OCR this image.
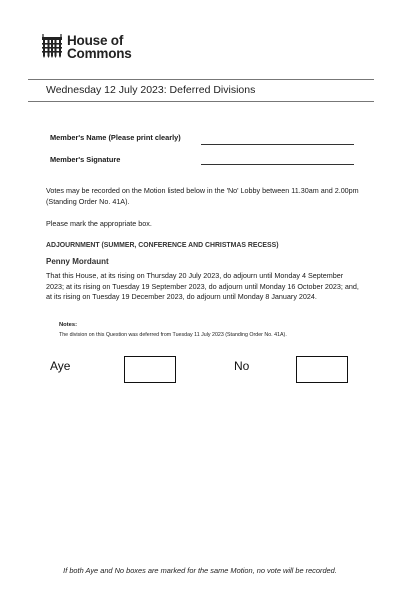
House of
Commons
Wednesday 12 July 2023: Deferred Divisions
Member's Name (Please print clearly)
Member's Signature
Votes may be recorded on the Motion listed below in the 'No' Lobby between 11.30am and 2.00pm (Standing Order No. 41A).
Please mark the appropriate box.
ADJOURNMENT (SUMMER, CONFERENCE AND CHRISTMAS RECESS)
Penny Mordaunt
That this House, at its rising on Thursday 20 July 2023, do adjourn until Monday 4 September 2023; at its rising on Tuesday 19 September 2023, do adjourn until Monday 16 October 2023; and, at its rising on Tuesday 19 December 2023, do adjourn until Monday 8 January 2024.
Notes:
The division on this Question was deferred from Tuesday 11 July 2023 (Standing Order No. 41A).
Aye	No
If both Aye and No boxes are marked for the same Motion, no vote will be recorded.
